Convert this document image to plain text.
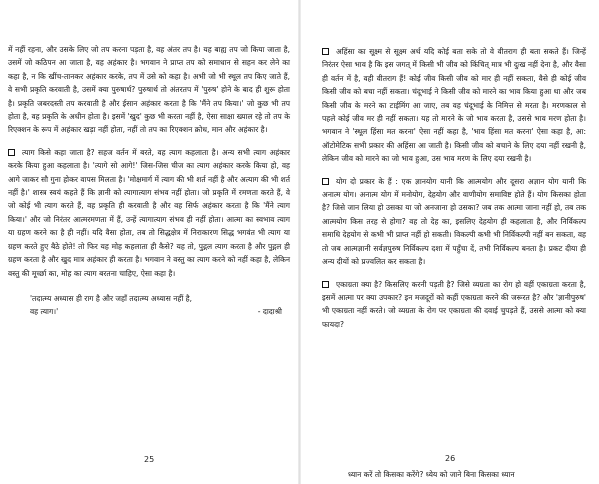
में नहीं रहना, और उसके लिए जो तप करना पड़ता है, वह अंतर तप है। यह बाह्य तप जो किया जाता है, उसमें जो कठिपन आ जाता है, वह अहंकार है। भगवान ने प्राप्त तप को समाधान से सहन कर लेने का कहा है, न कि खींच-तानकर अहंकार करके, तप में उसे को कहा है। अभी जो भी स्थूल तप किए जाते हैं, वे सभी प्रकृति करवाती है, उसमें क्या पुरुषार्थ? पुरुषार्थ तो अंतरतप में 'पुरुष' होने के बाद ही शुरू होता है। प्रकृति जबरदस्ती तप करवाती है और ईसान अहंकार करता है कि 'मैंने तप किया।' जो कुछ भी तप होता है, वह प्रकृति के अधीन होता है। इसमें 'खुद' कुछ भी करता नहीं है, ऐसा साक्षा ख्याल रहे तो तप के रिएक्शन के रूप में अहंकार खड़ा नहीं होता, नहीं तो तप का रिएक्शन क्रोध, मान और अहंकार है।

त्याग किसे कहा जाता है? सहज वर्तन में बरते, वह त्याग कहलाता है। अन्य सभी त्याग अहंकार करके किया हुआ कहलाता है। 'त्यागे सो आगे!' जिस-जिस चीज का त्याग अहंकार करके किया हो, वह आगे जाकर सौ गुना होकर वापस मिलता है। 'मोक्षमार्ग में त्याग की भी शर्त नहीं है और अत्याग की भी शर्त नहीं है।' शास्त्र स्वयं कहते हैं कि ज्ञानी को त्यागात्याग संभव नहीं होता। जो प्रकृति में रमणता करते हैं, वे जो कोई भी त्याग करते हैं, वह प्रकृति ही करवाती है और वह सिर्फ अहंकार करता है कि 'मैंने त्याग किया।' और जो निरंतर आत्मरमणता में हैं, उन्हें त्यागात्याग संभव ही नहीं होता। आत्मा का स्वभाव त्याग या ग्रहण करने का है ही नहीं। यदि वैसा होता, तब तो सिद्धक्षेत्र में निराकारण सिद्ध भगवंत भी त्याग या ग्रहण करते हुए बैठे होते! तो फिर यह मोह कहलाता ही कैसे? यह तो, पुद्गल त्याग करता है और पुद्गल ही ग्रहण करता है और खुद मात्र अहंकार ही करता है। भगवान ने वस्तु का त्याग करने को नहीं कहा है, लेकिन वस्तु की मूर्च्छा का, मोह का त्याग बरतना चाहिए, ऐसा कहा है।

'तदात्म्य अध्यास ही राग है और जहाँ तदात्म्य अध्यास नहीं है,
वह त्याग।'	- दादाश्री
25

अहिंसा का सूक्ष्म से सूक्ष्म अर्थ यदि कोई बता सके तो वे वीतराग ही बता सकते हैं। जिन्हें निरंतर ऐसा भाव है कि इस जगत् में किसी भी जीव को किंचित् मात्र भी दुःख नहीं देना है, और वैसा ही वर्तन में है, वही वीतराग हैं! कोई जीव किसी जीव को मार ही नहीं सकता, वैसे ही कोई जीव किसी जीव को बचा नहीं सकता। चंदूभाई ने किसी जीव को मारने का भाव किया हुआ था और जब किसी जीव के मरने का टाईमिंग आ जाए, तब वह चंदूभाई के निमित्त से मरता है। मरणकाल से पहले कोई जीव मर ही नहीं सकता। यह तो मारने के जो भाव करता है, उससे भाव मरण होता है। भगवान ने 'स्थूल हिंसा मत करना' ऐसा नहीं कहा है, 'भाव हिंसा मत करना' ऐसा कहा है, आ: ऑटोमेटिक सभी प्रकार की अहिंसा आ जाती है। किसी जीव को बचाने के लिए दया नहीं रखनी है, लेकिन जीव को मारने का जो भाव हुआ, उस भाव मरण के लिए दया रखनी है।

योग दो प्रकार के हैं : एक ज्ञानयोग यानी कि आत्मयोग और दूसरा अज्ञान योग यानी कि अनात्म योग। अनात्म योग में मनोयोग, देहयोग और वाणीयोग समाविष्ट होते हैं। योग किसका होता है? जिसे जान लिया हो उसका या जो अनजाना हो उसका? जब तक आत्मा जाना नहीं हो, तब तक आत्मयोग किस तरह से होगा? वह तो देह का, इसलिए देहयोग ही कहलाता है, और निर्विकल्प समाधि देहयोग से कभी भी प्राप्त नहीं हो सकती। विकल्पी कभी भी निर्विकल्पी नहीं बन सकता, वह तो जब आत्मज्ञानी सर्वज्ञपुरुष निर्विकल्प दशा में पहुँचा दें, तभी निर्विकल्प बनता है। प्रकट दीया ही अन्य दीयों को प्रज्वलित कर सकता है।

एकाग्रता क्या है? किसलिए करनी पड़ती है? जिसे व्यग्रता का रोग हो वहीं एकाग्रता करता है, इसमें आत्मा पर क्या उपकार? इन मजदूरों को कहीं एकाग्रता करने की जरूरत है? और 'ज्ञानीपुरुष' भी एकाग्रता नहीं करते। जो व्यग्रता के रोग पर एकाग्रता की दवाई चुपड़ते हैं, उससे आत्मा को क्या फायदा?

26
ध्यान करें तो किसका करेंगे? ध्येय को जाने बिना किसका ध्यान
